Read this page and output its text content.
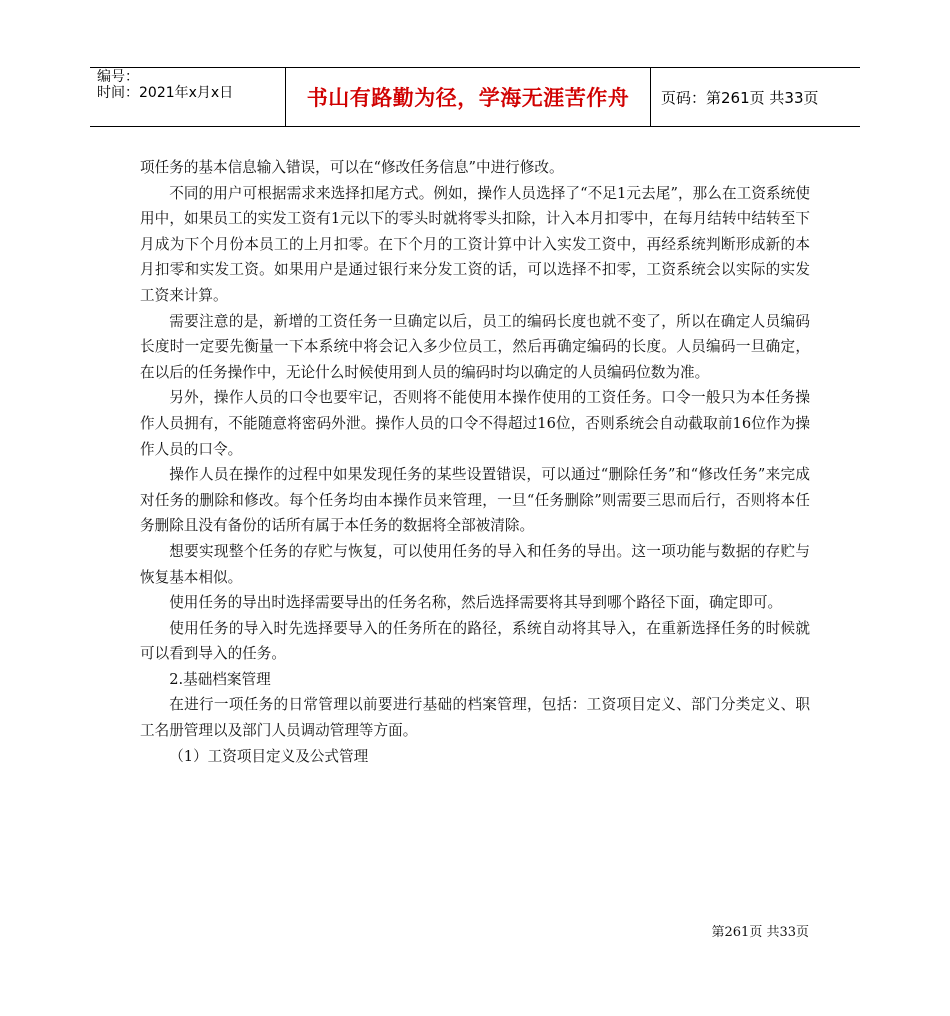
编号：
时间：2021年x月x日	书山有路勤为径，学海无涯苦作舟 页码：第261页 共33页

项任务的基本信息输入错误，可以在“修改任务信息”中进行修改。

不同的用户可根据需求来选择扣尾方式。例如，操作人员选择了“不足1元去尾”，那么在工资系统使用中，如果员工的实发工资有1元以下的零头时就将零头扣除，计入本月扣零中，在每月结转中结转至下月成为下个月份本员工的上月扣零。在下个月的工资计算中计入实发工资中，再经系统判断形成新的本月扣零和实发工资。如果用户是通过银行来分发工资的话，可以选择不扣零，工资系统会以实际的实发工资来计算。

需要注意的是，新增的工资任务一旦确定以后，员工的编码长度也就不变了，所以在确定人员编码长度时一定要先衡量一下本系统中将会记入多少位员工，然后再确定编码的长度。人员编码一旦确定，在以后的任务操作中，无论什么时候使用到人员的编码时均以确定的人员编码位数为准。

另外，操作人员的口令也要牢记，否则将不能使用本操作使用的工资任务。口令一般只为本任务操作人员拥有，不能随意将密码外泄。操作人员的口令不得超过16位，否则系统会自动截取前16位作为操作人员的口令。

操作人员在操作的过程中如果发现任务的某些设置错误，可以通过“删除任务”和“修改任务”来完成对任务的删除和修改。每个任务均由本操作员来管理，一旦“任务删除”则需要三思而后行，否则将本任务删除且没有备份的话所有属于本任务的数据将全部被清除。

想要实现整个任务的存贮与恢复，可以使用任务的导入和任务的导出。这一项功能与数据的存贮与恢复基本相似。

使用任务的导出时选择需要导出的任务名称，然后选择需要将其导到哪个路径下面，确定即可。

使用任务的导入时先选择要导入的任务所在的路径，系统自动将其导入，在重新选择任务的时候就可以看到导入的任务。

2.基础档案管理

在进行一项任务的日常管理以前要进行基础的档案管理，包括：工资项目定义、部门分类定义、职工名册管理以及部门人员调动管理等方面。

（1）工资项目定义及公式管理

第261页 共33页
